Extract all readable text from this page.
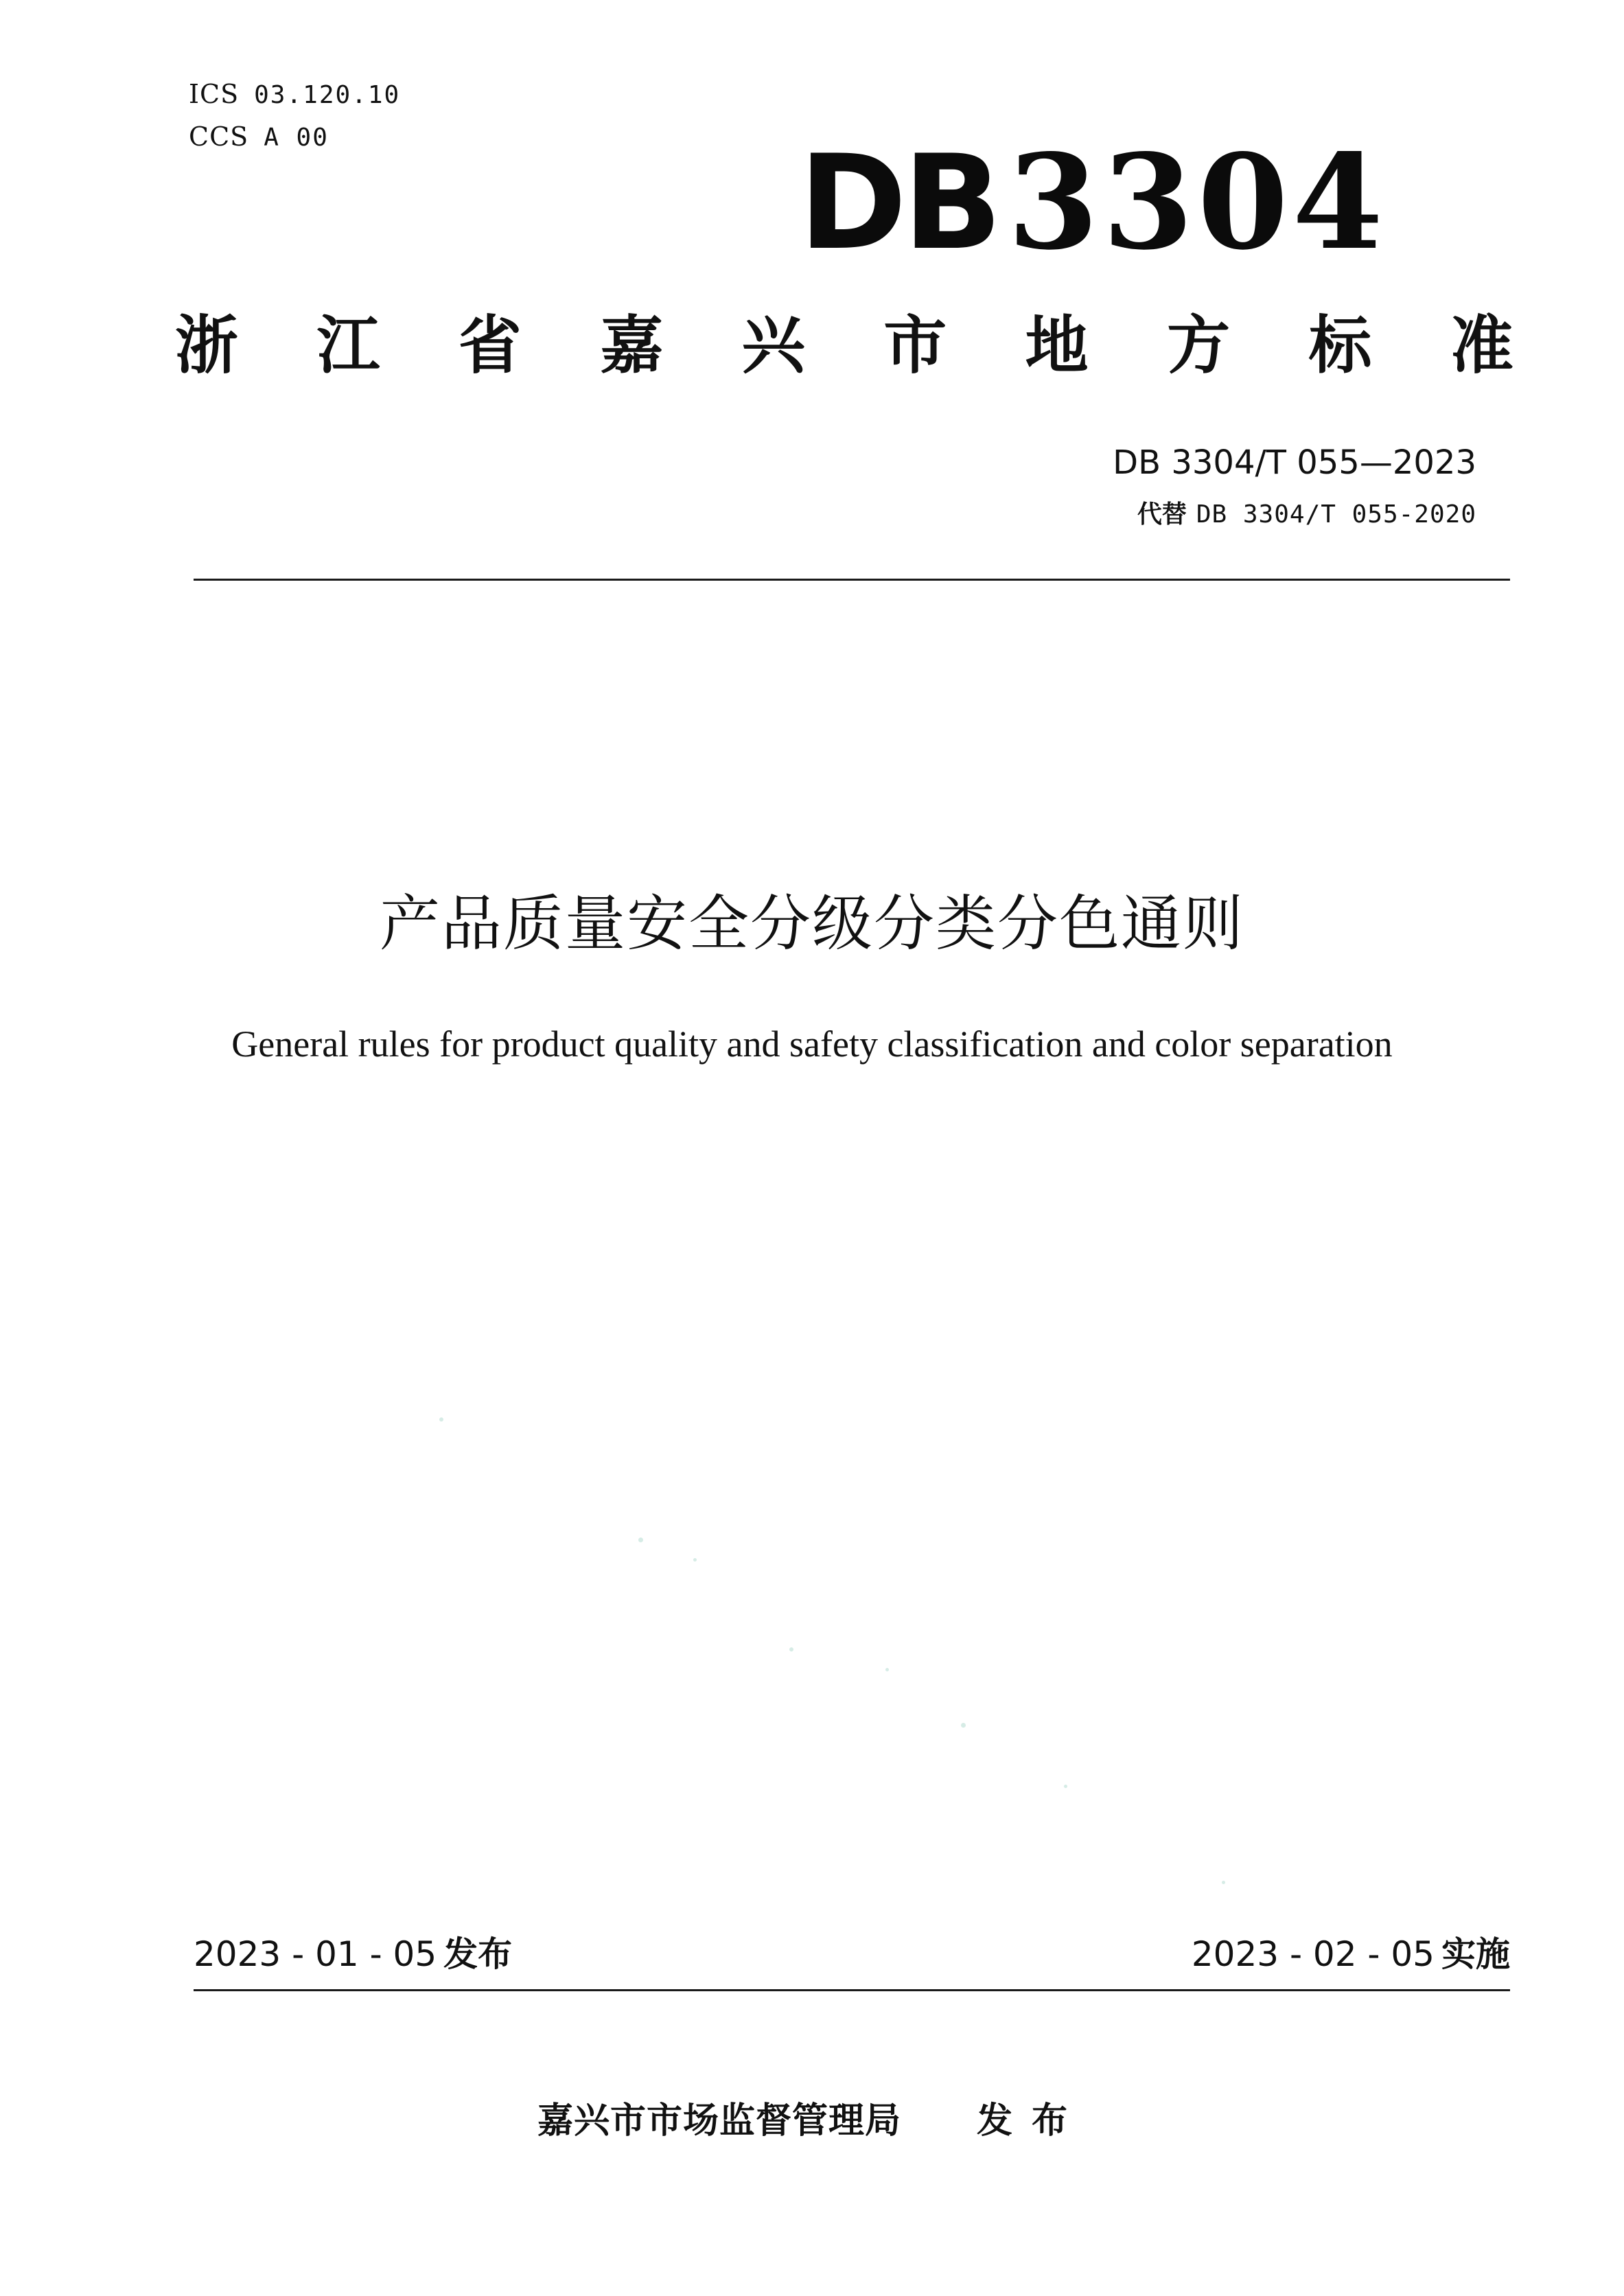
ICS 03.120.10
CCS A 00	DB3304
浙 江 省 嘉 兴 市 地 方 标 准
DB 3304/T 055—2023
代替 DB 3304/T 055-2020
产品质量安全分级分类分色通则
General rules for product quality and safety classification and color separation
2023 - 01 - 05 发布	2023 - 02 - 05 实施
嘉兴市市场监督管理局 发布
